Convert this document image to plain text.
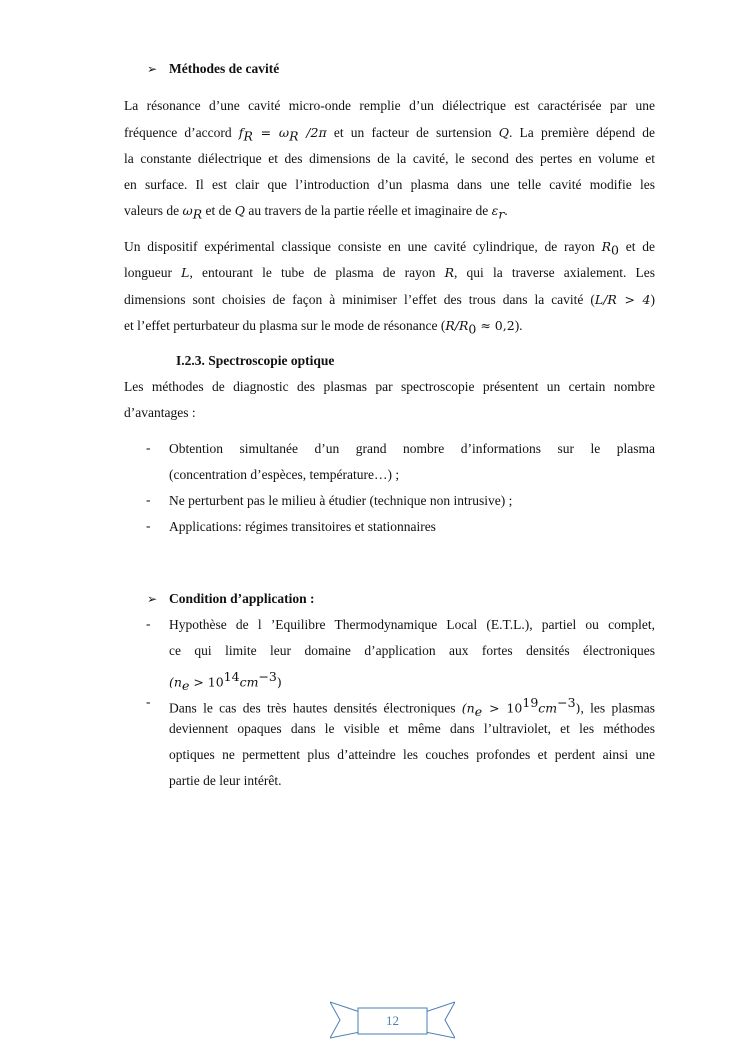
➢ Méthodes de cavité
La résonance d’une cavité micro-onde remplie d’un diélectrique est caractérisée par une
fréquence d’accord $f_R = \omega_R$ /2π et un facteur de surtension Q. La première dépend de
la constante diélectrique et des dimensions de la cavité, le second des pertes en volume et
en surface. Il est clair que l’introduction d’un plasma dans une telle cavité modifie les
valeurs de $\omega_R$ et de Q au travers de la partie réelle et imaginaire de $\varepsilon_r$.
Un dispositif expérimental classique consiste en une cavité cylindrique, de rayon $R_0$ et de
longueur L, entourant le tube de plasma de rayon R, qui la traverse axialement. Les
dimensions sont choisies de façon à minimiser l’effet des trous dans la cavité (L/R > 4)
et l’effet perturbateur du plasma sur le mode de résonance $(R/R_0 \approx 0,2)$.
I.2.3. Spectroscopie optique
Les méthodes de diagnostic des plasmas par spectroscopie présentent un certain nombre
d’avantages :
- Obtention simultanée d’un grand nombre d’informations sur le plasma
(concentration d’espèces, température…) ;
- Ne perturbent pas le milieu à étudier (technique non intrusive) ;
- Applications: régimes transitoires et stationnaires
➢ Condition d’application :
- Hypothèse de l ’Equilibre Thermodynamique Local (E.T.L.), partiel ou complet,
ce qui limite leur domaine d’application aux fortes densités électroniques
$(n_e > 10^{14}cm^{-3})$
- Dans le cas des très hautes densités électroniques $(n_e > 10^{19}cm^{-3})$, les plasmas
deviennent opaques dans le visible et même dans l’ultraviolet, et les méthodes
optiques ne permettent plus d’atteindre les couches profondes et perdent ainsi une
partie de leur intérêt.
12
